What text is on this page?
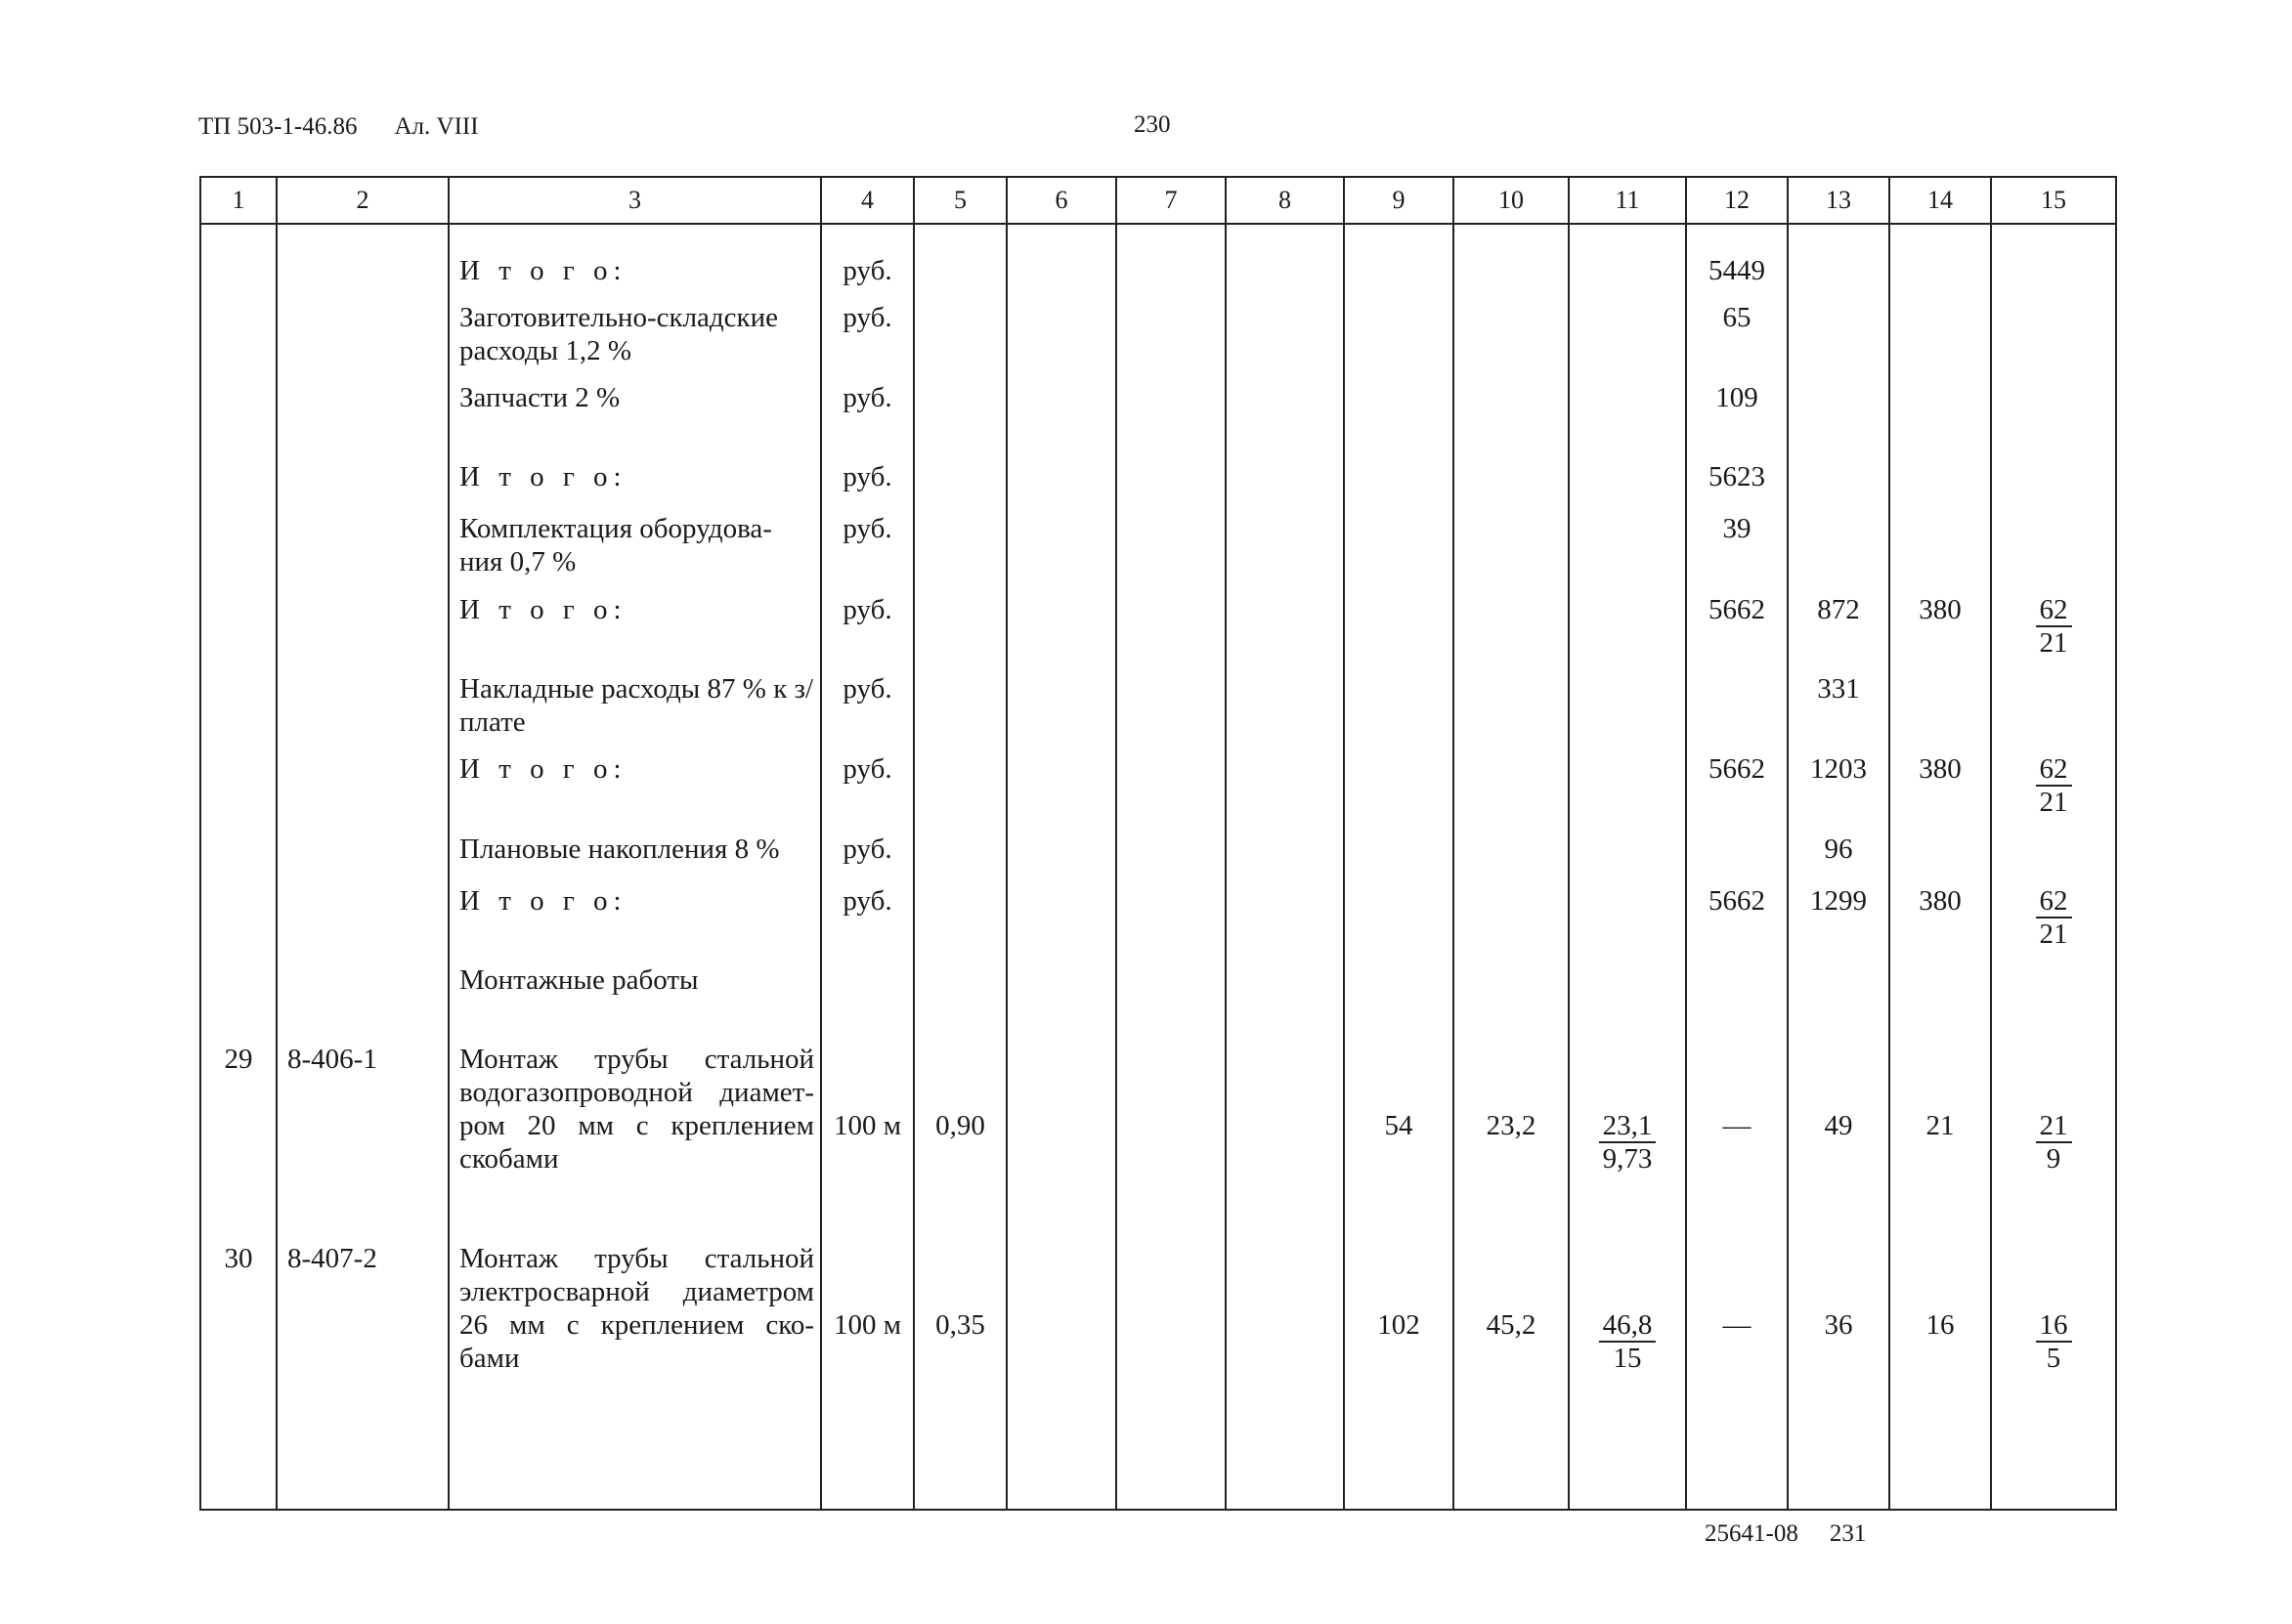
ТП 503-1-46.86 Ал. VIII	230
1	2	3	4	5	6	7	8	9	10	11	12	13	14	15
		И т о г о:	руб.								5449			
		Заготовительно-складские расходы 1,2 %	руб.								65			
		Запчасти 2 %	руб.								109			
		И т о г о:	руб.								5623			
		Комплектация оборудова-ния 0,7 %	руб.								39			
		И т о г о:	руб.								5662	872	380	$\frac{62}{21}$

		Накладные расходы 87 % к з/плате	руб.									331		
		И т о г о:	руб.								5662	1203	380	$\frac{62}{21}$

		Плановые накопления 8 %	руб.									96		
		И т о г о:	руб.								5662	1299	380	$\frac{62}{21}$

		Монтажные работы												
29	8-406-1	Монтаж трубы стальной водогазопроводной диамет-ром 20 мм с креплением скобами	100 м	0,90				54	23,2	$\frac{23,1}{9,73}$	—	49	21	$\frac{21}{9}$

30	8-407-2	Монтаж трубы стальной электросварной диаметром 26 мм с креплением ско-бами	100 м	0,35				102	45,2	$\frac{46,8}{15}$	—	36	16	$\frac{16}{5}$
25641-08 231
